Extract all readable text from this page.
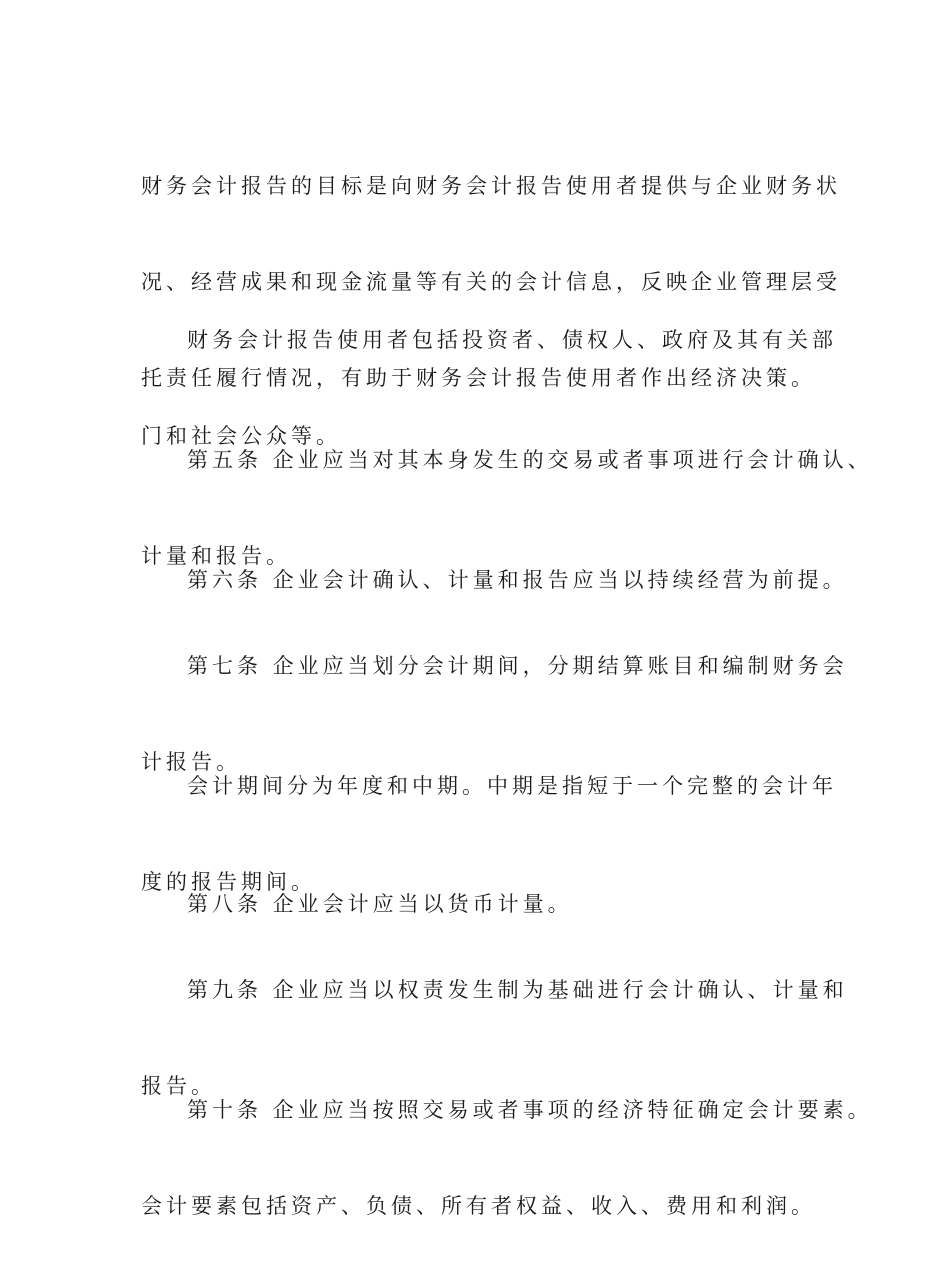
财务会计报告的目标是向财务会计报告使用者提供与企业财务状

况、经营成果和现金流量等有关的会计信息，反映企业管理层受

托责任履行情况，有助于财务会计报告使用者作出经济决策。

财务会计报告使用者包括投资者、债权人、政府及其有关部

门和社会公众等。

第五条 企业应当对其本身发生的交易或者事项进行会计确认、

计量和报告。

第六条 企业会计确认、计量和报告应当以持续经营为前提。

第七条 企业应当划分会计期间，分期结算账目和编制财务会

计报告。

会计期间分为年度和中期。中期是指短于一个完整的会计年

度的报告期间。

第八条 企业会计应当以货币计量。

第九条 企业应当以权责发生制为基础进行会计确认、计量和

报告。

第十条 企业应当按照交易或者事项的经济特征确定会计要素。

会计要素包括资产、负债、所有者权益、收入、费用和利润。
